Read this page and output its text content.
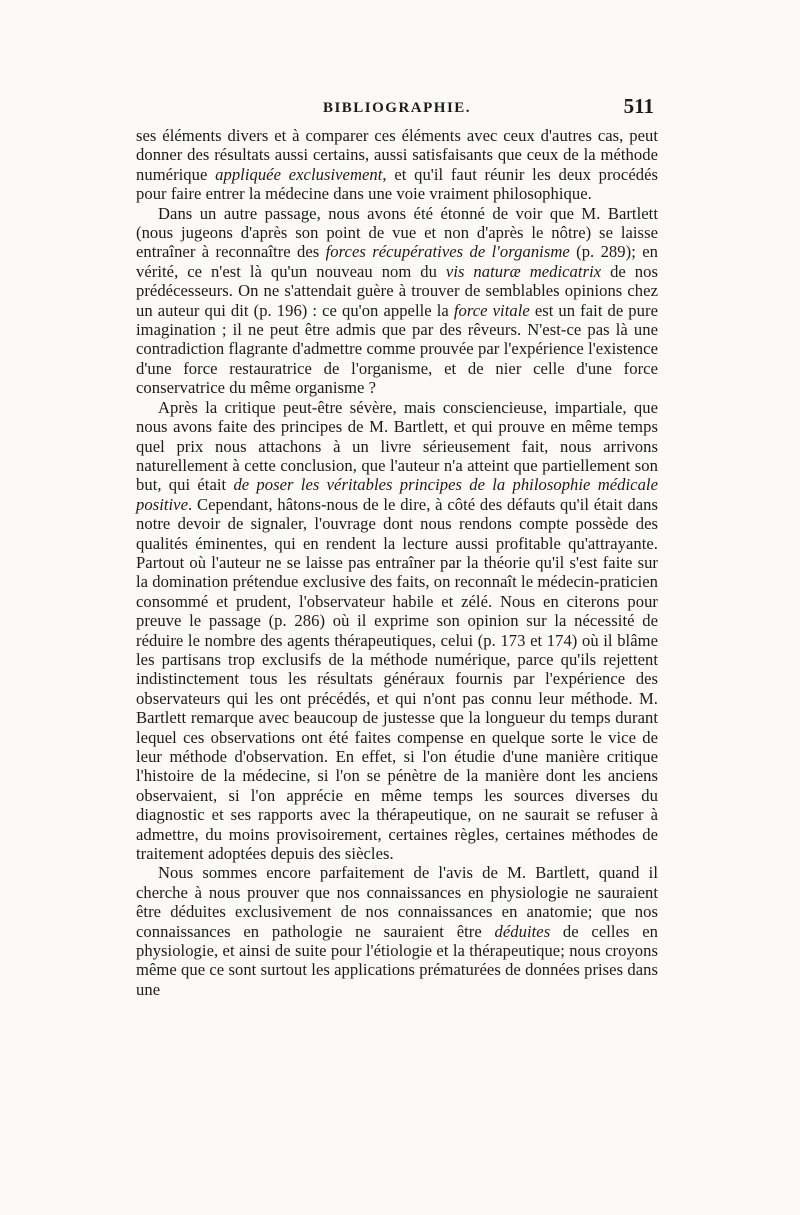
BIBLIOGRAPHIE.	511

ses éléments divers et à comparer ces éléments avec ceux d'autres cas, peut donner des résultats aussi certains, aussi satisfaisants que ceux de la méthode numérique appliquée exclusivement, et qu'il faut réunir les deux procédés pour faire entrer la médecine dans une voie vraiment philosophique.

Dans un autre passage, nous avons été étonné de voir que M. Bartlett (nous jugeons d'après son point de vue et non d'après le nôtre) se laisse entraîner à reconnaître des forces récupératives de l'organisme (p. 289); en vérité, ce n'est là qu'un nouveau nom du vis naturæ medicatrix de nos prédécesseurs. On ne s'attendait guère à trouver de semblables opinions chez un auteur qui dit (p. 196) : ce qu'on appelle la force vitale est un fait de pure imagination ; il ne peut être admis que par des rêveurs. N'est-ce pas là une contradiction flagrante d'admettre comme prouvée par l'expérience l'existence d'une force restauratrice de l'organisme, et de nier celle d'une force conservatrice du même organisme ?

Après la critique peut-être sévère, mais consciencieuse, impartiale, que nous avons faite des principes de M. Bartlett, et qui prouve en même temps quel prix nous attachons à un livre sérieusement fait, nous arrivons naturellement à cette conclusion, que l'auteur n'a atteint que partiellement son but, qui était de poser les véritables principes de la philosophie médicale positive. Cependant, hâtons-nous de le dire, à côté des défauts qu'il était dans notre devoir de signaler, l'ouvrage dont nous rendons compte possède des qualités éminentes, qui en rendent la lecture aussi profitable qu'attrayante. Partout où l'auteur ne se laisse pas entraîner par la théorie qu'il s'est faite sur la domination prétendue exclusive des faits, on reconnaît le médecin-praticien consommé et prudent, l'observateur habile et zélé. Nous en citerons pour preuve le passage (p. 286) où il exprime son opinion sur la nécessité de réduire le nombre des agents thérapeutiques, celui (p. 173 et 174) où il blâme les partisans trop exclusifs de la méthode numérique, parce qu'ils rejettent indistinctement tous les résultats généraux fournis par l'expérience des observateurs qui les ont précédés, et qui n'ont pas connu leur méthode. M. Bartlett remarque avec beaucoup de justesse que la longueur du temps durant lequel ces observations ont été faites compense en quelque sorte le vice de leur méthode d'observation. En effet, si l'on étudie d'une manière critique l'histoire de la médecine, si l'on se pénètre de la manière dont les anciens observaient, si l'on apprécie en même temps les sources diverses du diagnostic et ses rapports avec la thérapeutique, on ne saurait se refuser à admettre, du moins provisoirement, certaines règles, certaines méthodes de traitement adoptées depuis des siècles.

Nous sommes encore parfaitement de l'avis de M. Bartlett, quand il cherche à nous prouver que nos connaissances en physiologie ne sauraient être déduites exclusivement de nos connaissances en anatomie; que nos connaissances en pathologie ne sauraient être déduites de celles en physiologie, et ainsi de suite pour l'étiologie et la thérapeutique; nous croyons même que ce sont surtout les applications prématurées de données prises dans une
